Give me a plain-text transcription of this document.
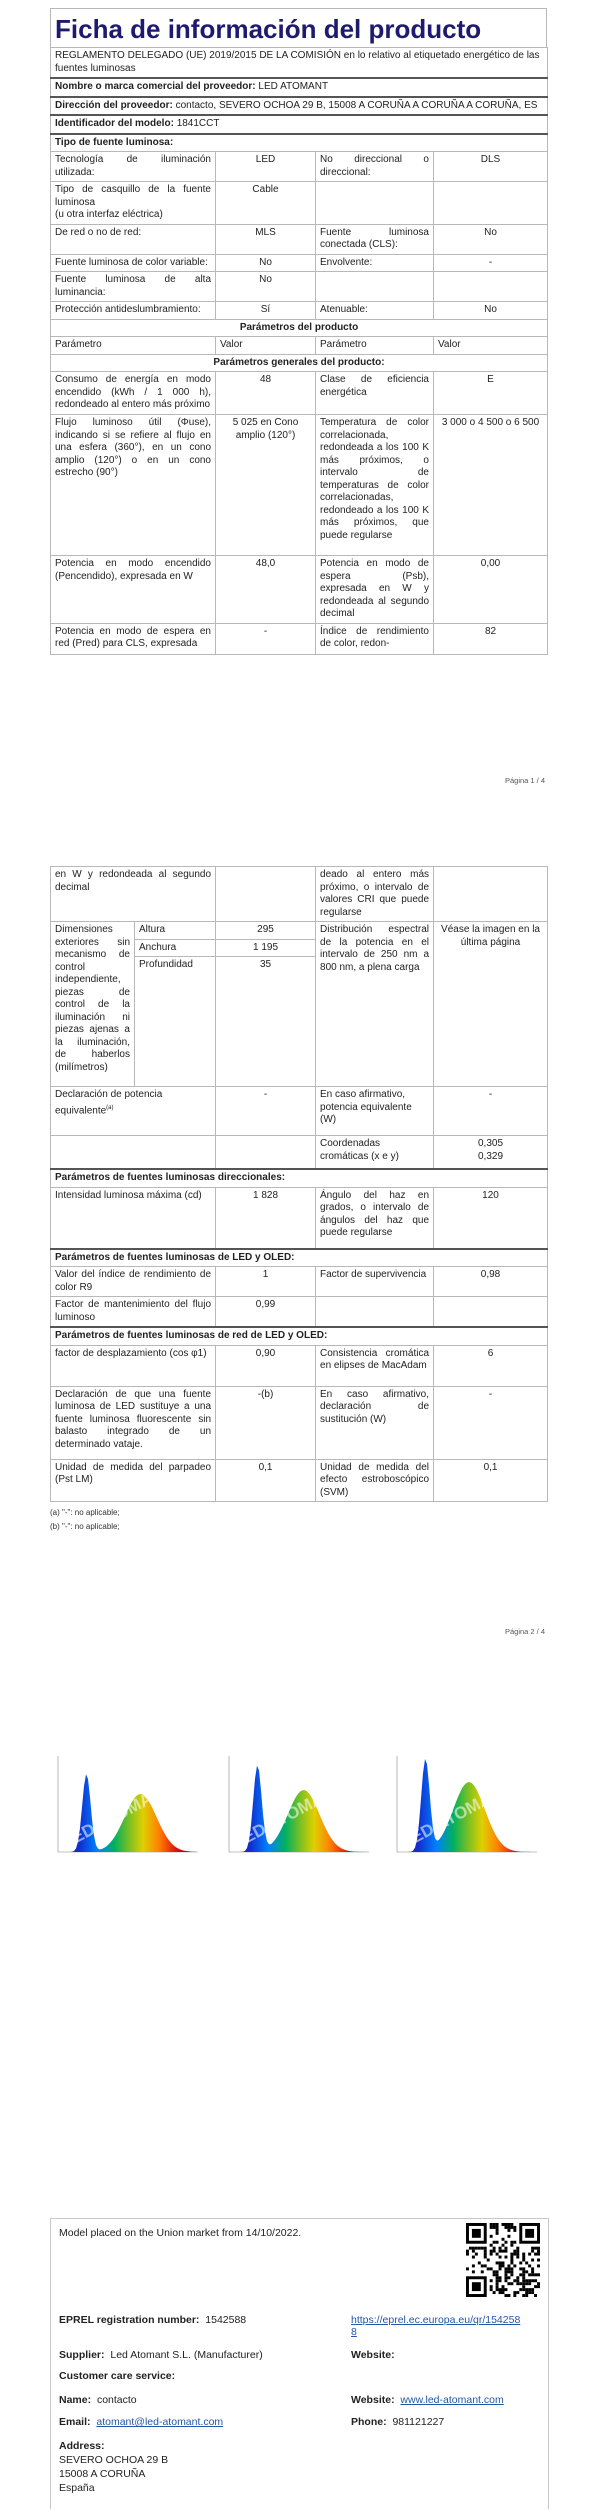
Ficha de información del producto
REGLAMENTO DELEGADO (UE) 2019/2015 DE LA COMISIÓN en lo relativo al etiquetado energético de las fuentes luminosas			
Nombre o marca comercial del proveedor: LED ATOMANT			
Dirección del proveedor: contacto, SEVERO OCHOA 29 B, 15008 A CORUÑA A CORUÑA A CORUÑA, ES			
Identificador del modelo: 1841CCT			
Tipo de fuente luminosa:			
Tecnología de iluminación utilizada:	LED	No direccional o direccional:	DLS
Tipo de casquillo de la fuente luminosa
(u otra interfaz eléctrica)	Cable		
De red o no de red:	MLS	Fuente luminosa conectada (CLS):	No
Fuente luminosa de color variable:	No	Envolvente:	-
Fuente luminosa de alta luminancia:	No		
Protección antideslumbramiento:	Sí	Atenuable:	No
Parámetros del producto			
Parámetro	Valor	Parámetro	Valor
Parámetros generales del producto:			
Consumo de energía en modo encendido (kWh / 1 000 h), redondeado al entero más próximo	48	Clase de eficiencia energética	E
Flujo luminoso útil (Φuse), indicando si se refiere al flujo en una esfera (360°), en un cono amplio (120°) o en un cono estrecho (90°)	5 025 en Cono amplio (120°)	Temperatura de color correlacionada, redondeada a los 100 K más próximos, o intervalo de temperaturas de color correlacionadas, redondeado a los 100 K más próximos, que puede regularse	3 000 o 4 500 o 6 500
Potencia en modo encendido (Pencendido), expresada en W	48,0	Potencia en modo de espera (Psb), expresada en W y redondeada al segundo decimal	0,00
Potencia en modo de espera en red (Pred) para CLS, expresada	-	Índice de rendimiento de color, redon-	82
Página 1 / 4
en W y redondeada al segundo decimal			deado al entero más próximo, o intervalo de valores CRI que puede regularse	
Dimensiones exteriores sin mecanismo de control independiente, piezas de control de la iluminación ni piezas ajenas a la iluminación, de haberlos (milímetros)	Altura	295	Distribución espectral de la potencia en el intervalo de 250 nm a 800 nm, a plena carga	Véase la imagen en la última página
	Anchura	1 195		
	Profundidad	35		
Declaración de potencia equivalente$^{(a)}$		-	En caso afirmativo, potencia equivalente (W)	-
			Coordenadas cromáticas (x e y)	0,305
0,329

Parámetros de fuentes luminosas direccionales:				
Intensidad luminosa máxima (cd)		1 828	Ángulo del haz en grados, o intervalo de ángulos del haz que puede regularse	120
Parámetros de fuentes luminosas de LED y OLED:				
Valor del índice de rendimiento de color R9		1	Factor de supervivencia	0,98
Factor de mantenimiento del flujo luminoso		0,99		
Parámetros de fuentes luminosas de red de LED y OLED:				
factor de desplazamiento (cos φ1)		0,90	Consistencia cromática en elipses de MacAdam	6
Declaración de que una fuente luminosa de LED sustituye a una fuente luminosa fluorescente sin balasto integrado de un determinado vataje.		-(b)	En caso afirmativo, declaración de sustitución (W)	-
Unidad de medida del parpadeo (Pst LM)		0,1	Unidad de medida del efecto estroboscópico (SVM)	0,1
(a) "-": no aplicable;
(b) "-": no aplicable;
Página 2 / 4
LED ATOMANT	LED ATOMANT	LED ATOMANT
Model placed on the Union market from 14/10/2022.
EPREL registration number: 1542588	https://eprel.ec.europa.eu/qr/1542588
Supplier: Led Atomant S.L. (Manufacturer)	Website:
Customer care service:
Name: contacto	Website: www.led-atomant.com
Email: atomant@led-atomant.com	Phone: 981121227
Address:
SEVERO OCHOA 29 B
15008 A CORUÑA
España
